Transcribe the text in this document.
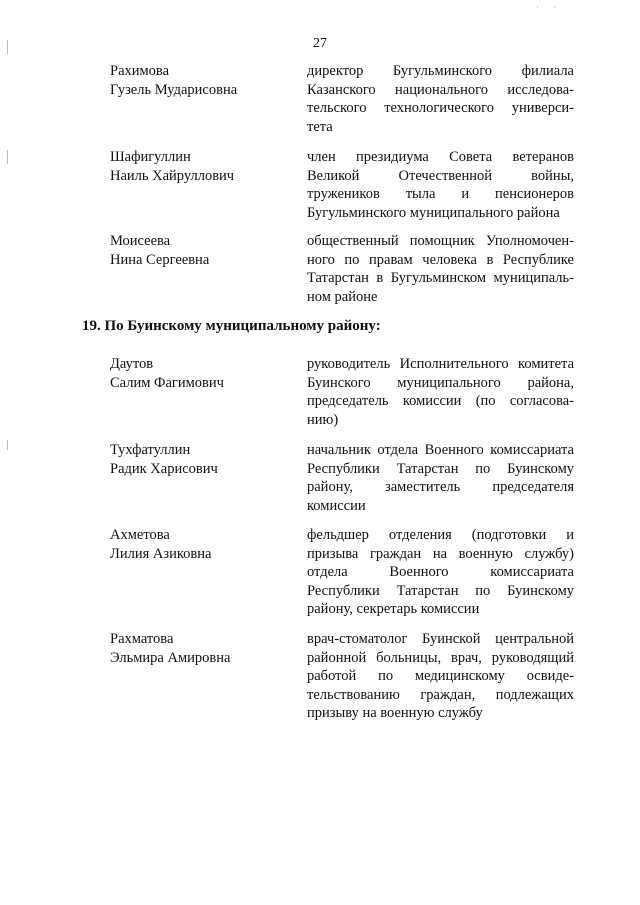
· ·
27
Рахимова
Гузель Мударисовна
директор Бугульминского филиала
Казанского национального исследова-
тельского технологического универси-
тета
Шафигуллин
Наиль Хайруллович
член президиума Совета ветеранов
Великой Отечественной войны,
тружеников тыла и пенсионеров
Бугульминского муниципального района
Моисеева
Нина Сергеевна
общественный помощник Уполномочен-
ного по правам человека в Республике
Татарстан в Бугульминском муниципаль-
ном районе
19. По Буинскому муниципальному району:
Даутов
Салим Фагимович
руководитель Исполнительного комитета
Буинского муниципального района,
председатель комиссии (по согласова-
нию)
Тухфатуллин
Радик Харисович
начальник отдела Военного комиссариата
Республики Татарстан по Буинскому
району, заместитель председателя
комиссии
Ахметова
Лилия Азиковна
фельдшер отделения (подготовки и
призыва граждан на военную службу)
отдела Военного комиссариата
Республики Татарстан по Буинскому
району, секретарь комиссии
Рахматова
Эльмира Амировна
врач-стоматолог Буинской центральной
районной больницы, врач, руководящий
работой по медицинскому освиде-
тельствованию граждан, подлежащих
призыву на военную службу
